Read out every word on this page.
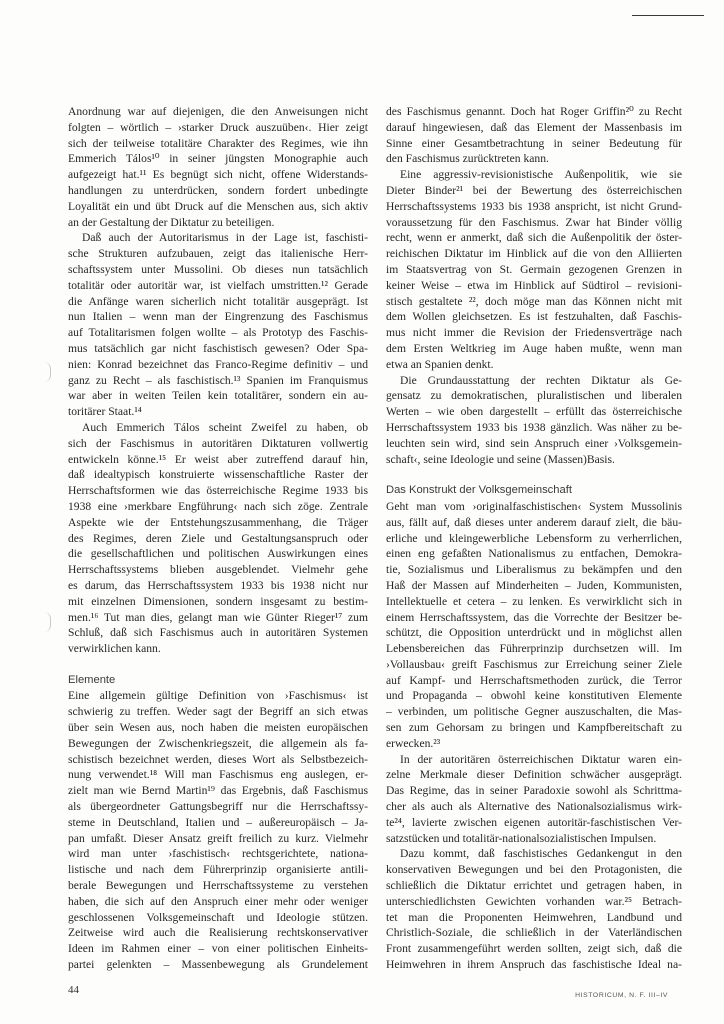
Anordnung war auf diejenigen, die den Anweisungen nicht
folgten – wörtlich – ›starker Druck auszuüben‹. Hier zeigt
sich der teilweise totalitäre Charakter des Regimes, wie ihn
Emmerich Tálos¹⁰ in seiner jüngsten Monographie auch
aufgezeigt hat.¹¹ Es begnügt sich nicht, offene Widerstands-
handlungen zu unterdrücken, sondern fordert unbedingte
Loyalität ein und übt Druck auf die Menschen aus, sich aktiv
an der Gestaltung der Diktatur zu beteiligen.
Daß auch der Autoritarismus in der Lage ist, faschisti-
sche Strukturen aufzubauen, zeigt das italienische Herr-
schaftssystem unter Mussolini. Ob dieses nun tatsächlich
totalitär oder autoritär war, ist vielfach umstritten.¹² Gerade
die Anfänge waren sicherlich nicht totalitär ausgeprägt. Ist
nun Italien – wenn man der Eingrenzung des Faschismus
auf Totalitarismen folgen wollte – als Prototyp des Faschis-
mus tatsächlich gar nicht faschistisch gewesen? Oder Spa-
nien: Konrad bezeichnet das Franco-Regime definitiv – und
ganz zu Recht – als faschistisch.¹³ Spanien im Franquismus
war aber in weiten Teilen kein totalitärer, sondern ein au-
toritärer Staat.¹⁴
Auch Emmerich Tálos scheint Zweifel zu haben, ob
sich der Faschismus in autoritären Diktaturen vollwertig
entwickeln könne.¹⁵ Er weist aber zutreffend darauf hin,
daß idealtypisch konstruierte wissenschaftliche Raster der
Herrschaftsformen wie das österreichische Regime 1933 bis
1938 eine ›merkbare Engführung‹ nach sich zöge. Zentrale
Aspekte wie der Entstehungszusammenhang, die Träger
des Regimes, deren Ziele und Gestaltungsanspruch oder
die gesellschaftlichen und politischen Auswirkungen eines
Herrschaftssystems blieben ausgeblendet. Vielmehr gehe
es darum, das Herrschaftssystem 1933 bis 1938 nicht nur
mit einzelnen Dimensionen, sondern insgesamt zu bestim-
men.¹⁶ Tut man dies, gelangt man wie Günter Rieger¹⁷ zum
Schluß, daß sich Faschismus auch in autoritären Systemen
verwirklichen kann.
Elemente
Eine allgemein gültige Definition von ›Faschismus‹ ist
schwierig zu treffen. Weder sagt der Begriff an sich etwas
über sein Wesen aus, noch haben die meisten europäischen
Bewegungen der Zwischenkriegszeit, die allgemein als fa-
schistisch bezeichnet werden, dieses Wort als Selbstbezeich-
nung verwendet.¹⁸ Will man Faschismus eng auslegen, er-
zielt man wie Bernd Martin¹⁹ das Ergebnis, daß Faschismus
als übergeordneter Gattungsbegriff nur die Herrschaftssy-
steme in Deutschland, Italien und – außereuropäisch – Ja-
pan umfaßt. Dieser Ansatz greift freilich zu kurz. Vielmehr
wird man unter ›faschistisch‹ rechtsgerichtete, nationa-
listische und nach dem Führerprinzip organisierte antili-
berale Bewegungen und Herrschaftssysteme zu verstehen
haben, die sich auf den Anspruch einer mehr oder weniger
geschlossenen Volksgemeinschaft und Ideologie stützen.
Zeitweise wird auch die Realisierung rechtskonservativer
Ideen im Rahmen einer – von einer politischen Einheits-
partei gelenkten – Massenbewegung als Grundelement
des Faschismus genannt. Doch hat Roger Griffin²⁰ zu Recht
darauf hingewiesen, daß das Element der Massenbasis im
Sinne einer Gesamtbetrachtung in seiner Bedeutung für
den Faschismus zurücktreten kann.
Eine aggressiv-revisionistische Außenpolitik, wie sie
Dieter Binder²¹ bei der Bewertung des österreichischen
Herrschaftssystems 1933 bis 1938 anspricht, ist nicht Grund-
voraussetzung für den Faschismus. Zwar hat Binder völlig
recht, wenn er anmerkt, daß sich die Außenpolitik der öster-
reichischen Diktatur im Hinblick auf die von den Alliierten
im Staatsvertrag von St. Germain gezogenen Grenzen in
keiner Weise – etwa im Hinblick auf Südtirol – revisioni-
stisch gestaltete ²², doch möge man das Können nicht mit
dem Wollen gleichsetzen. Es ist festzuhalten, daß Faschis-
mus nicht immer die Revision der Friedensverträge nach
dem Ersten Weltkrieg im Auge haben mußte, wenn man
etwa an Spanien denkt.
Die Grundausstattung der rechten Diktatur als Ge-
gensatz zu demokratischen, pluralistischen und liberalen
Werten – wie oben dargestellt – erfüllt das österreichische
Herrschaftssystem 1933 bis 1938 gänzlich. Was näher zu be-
leuchten sein wird, sind sein Anspruch einer ›Volksgemein-
schaft‹, seine Ideologie und seine (Massen)Basis.
Das Konstrukt der Volksgemeinschaft
Geht man vom ›originalfaschistischen‹ System Mussolinis
aus, fällt auf, daß dieses unter anderem darauf zielt, die bäu-
erliche und kleingewerbliche Lebensform zu verherrlichen,
einen eng gefaßten Nationalismus zu entfachen, Demokra-
tie, Sozialismus und Liberalismus zu bekämpfen und den
Haß der Massen auf Minderheiten – Juden, Kommunisten,
Intellektuelle et cetera – zu lenken. Es verwirklicht sich in
einem Herrschaftssystem, das die Vorrechte der Besitzer be-
schützt, die Opposition unterdrückt und in möglichst allen
Lebensbereichen das Führerprinzip durchsetzen will. Im
›Vollausbau‹ greift Faschismus zur Erreichung seiner Ziele
auf Kampf- und Herrschaftsmethoden zurück, die Terror
und Propaganda – obwohl keine konstitutiven Elemente
– verbinden, um politische Gegner auszuschalten, die Mas-
sen zum Gehorsam zu bringen und Kampfbereitschaft zu
erwecken.²³
In der autoritären österreichischen Diktatur waren ein-
zelne Merkmale dieser Definition schwächer ausgeprägt.
Das Regime, das in seiner Paradoxie sowohl als Schrittma-
cher als auch als Alternative des Nationalsozialismus wirk-
te²⁴, lavierte zwischen eigenen autoritär-faschistischen Ver-
satzstücken und totalitär-nationalsozialistischen Impulsen.
Dazu kommt, daß faschistisches Gedankengut in den
konservativen Bewegungen und bei den Protagonisten, die
schließlich die Diktatur errichtet und getragen haben, in
unterschiedlichsten Gewichten vorhanden war.²⁵ Betrach-
tet man die Proponenten Heimwehren, Landbund und
Christlich-Soziale, die schließlich in der Vaterländischen
Front zusammengeführt werden sollten, zeigt sich, daß die
Heimwehren in ihrem Anspruch das faschistische Ideal na-
44	HISTORICUM, N. F. III–IV
